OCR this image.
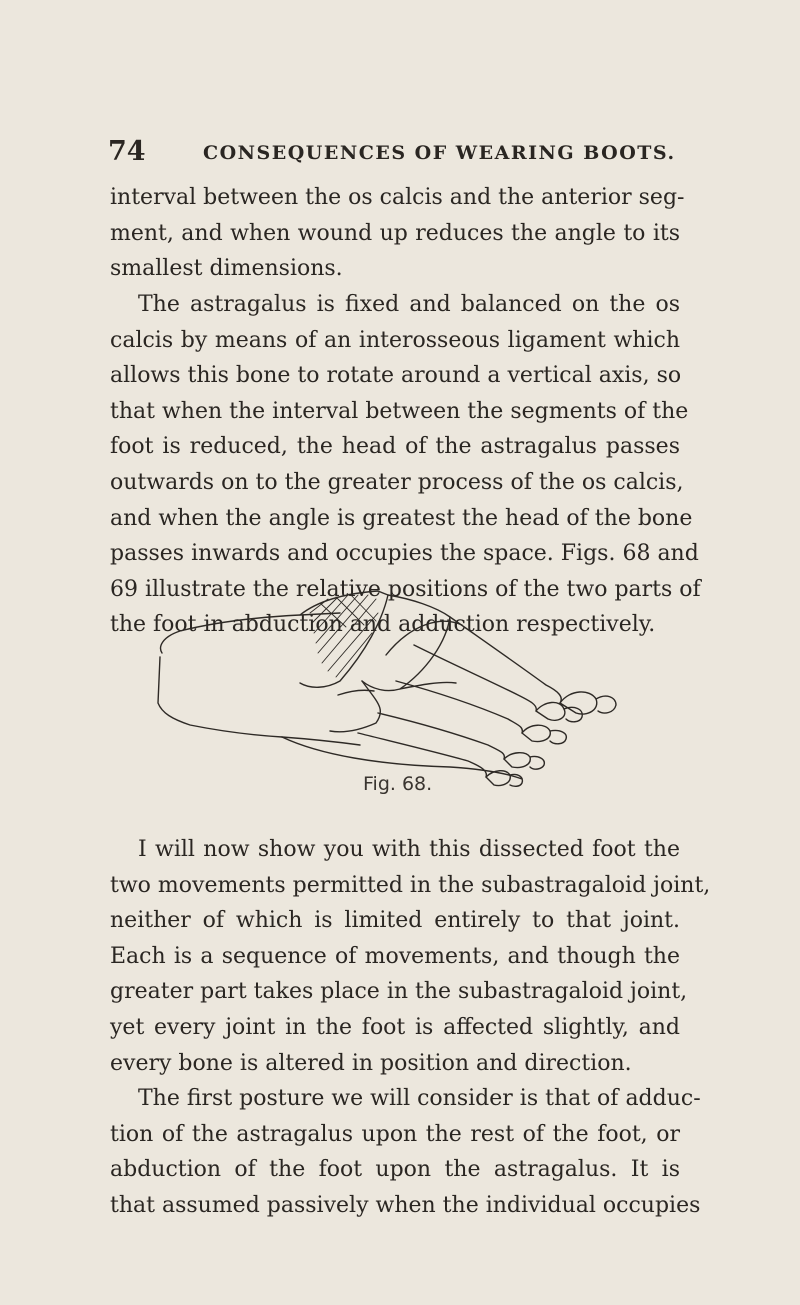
74	CONSEQUENCES OF WEARING BOOTS.
interval between the os calcis and the anterior seg-
ment, and when wound up reduces the angle to its
smallest dimensions.
The astragalus is fixed and balanced on the os
calcis by means of an interosseous ligament which
allows this bone to rotate around a vertical axis, so
that when the interval between the segments of the
foot is reduced, the head of the astragalus passes
outwards on to the greater process of the os calcis,
and when the angle is greatest the head of the bone
passes inwards and occupies the space. Figs. 68 and
69 illustrate the relative positions of the two parts of
the foot in abduction and adduction respectively.
Fig. 68.
I will now show you with this dissected foot the
two movements permitted in the subastragaloid joint,
neither of which is limited entirely to that joint.
Each is a sequence of movements, and though the
greater part takes place in the subastragaloid joint,
yet every joint in the foot is affected slightly, and
every bone is altered in position and direction.
The first posture we will consider is that of adduc-
tion of the astragalus upon the rest of the foot, or
abduction of the foot upon the astragalus. It is
that assumed passively when the individual occupies
